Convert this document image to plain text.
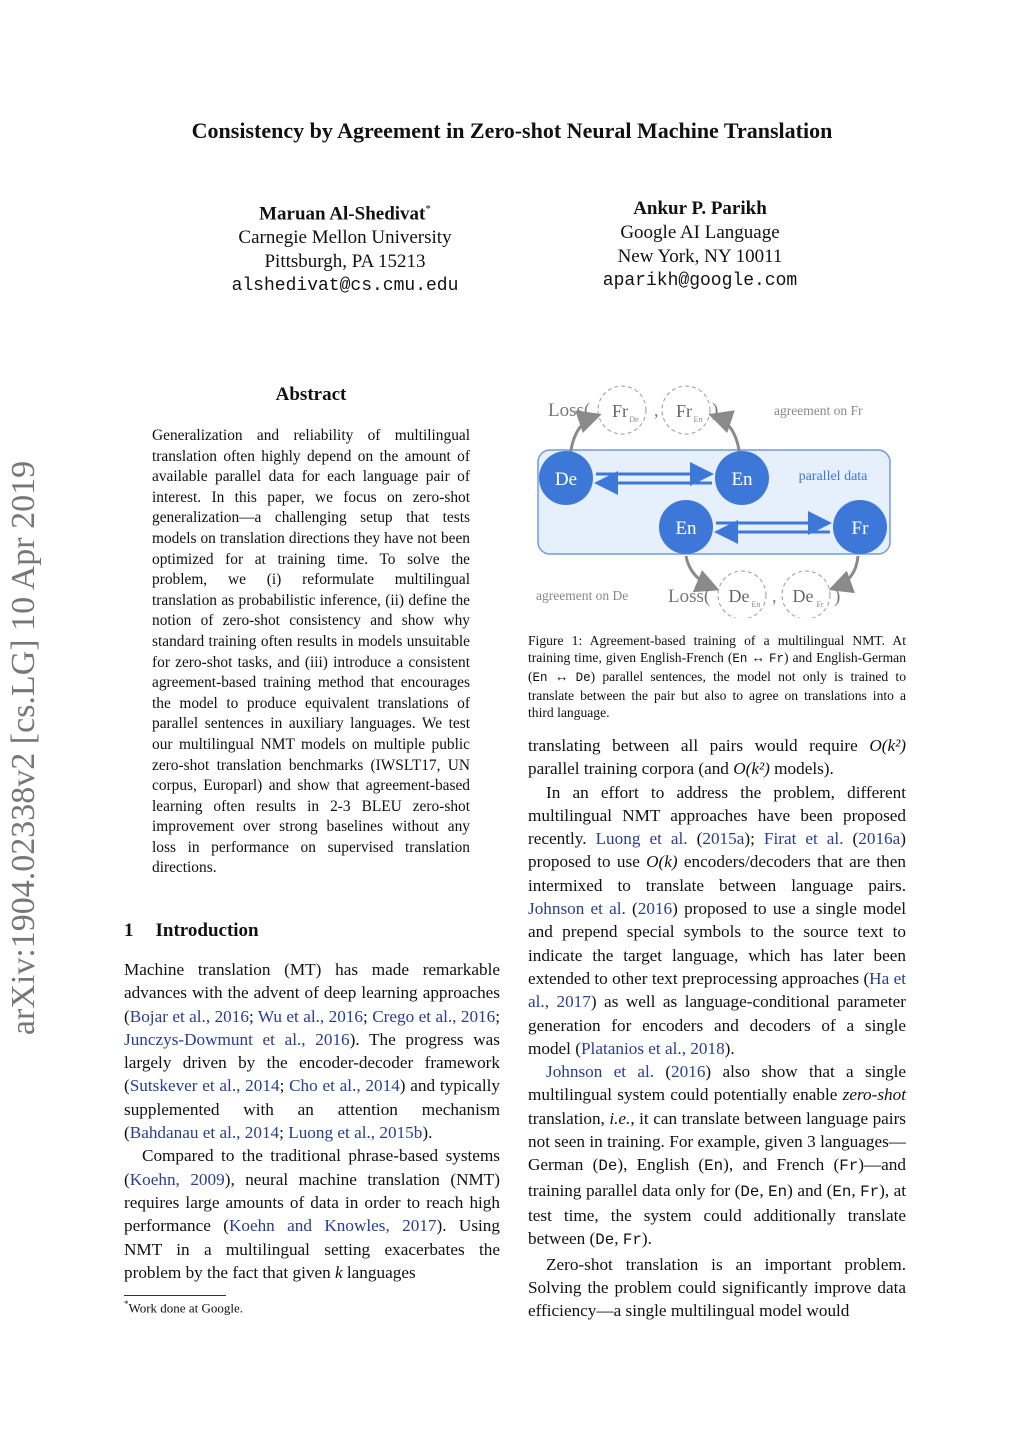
Consistency by Agreement in Zero-shot Neural Machine Translation
Maruan Al-Shedivat*
Carnegie Mellon University
Pittsburgh, PA 15213
alshedivat@cs.cmu.edu
Ankur P. Parikh
Google AI Language
New York, NY 10011
aparikh@google.com
arXiv:1904.02338v2 [cs.LG] 10 Apr 2019
Abstract
Generalization and reliability of multilingual translation often highly depend on the amount of available parallel data for each language pair of interest. In this paper, we focus on zero-shot generalization—a challenging setup that tests models on translation directions they have not been optimized for at training time. To solve the problem, we (i) reformulate multilingual translation as probabilistic inference, (ii) define the notion of zero-shot consistency and show why standard training often results in models unsuitable for zero-shot tasks, and (iii) introduce a consistent agreement-based training method that encourages the model to produce equivalent translations of parallel sentences in auxiliary languages. We test our multilingual NMT models on multiple public zero-shot translation benchmarks (IWSLT17, UN corpus, Europarl) and show that agreement-based learning often results in 2-3 BLEU zero-shot improvement over strong baselines without any loss in performance on supervised translation directions.
1 Introduction

Machine translation (MT) has made remarkable advances with the advent of deep learning approaches (Bojar et al., 2016; Wu et al., 2016; Crego et al., 2016; Junczys-Dowmunt et al., 2016). The progress was largely driven by the encoder-decoder framework (Sutskever et al., 2014; Cho et al., 2014) and typically supplemented with an attention mechanism (Bahdanau et al., 2014; Luong et al., 2015b).

Compared to the traditional phrase-based systems (Koehn, 2009), neural machine translation (NMT) requires large amounts of data in order to reach high performance (Koehn and Knowles, 2017). Using NMT in a multilingual setting exacerbates the problem by the fact that given k languages

*Work done at Google.
parallel data
Loss( Fr De , Fr En )	agreement on Fr
De	En
En	Fr
agreement on De Loss( De En , De Fr )
Figure 1: Agreement-based training of a multilingual NMT. At training time, given English-French (En ↔ Fr) and English-German (En ↔ De) parallel sentences, the model not only is trained to translate between the pair but also to agree on translations into a third language.

translating between all pairs would require O(k²) parallel training corpora (and O(k²) models).

In an effort to address the problem, different multilingual NMT approaches have been proposed recently. Luong et al. (2015a); Firat et al. (2016a) proposed to use O(k) encoders/decoders that are then intermixed to translate between language pairs. Johnson et al. (2016) proposed to use a single model and prepend special symbols to the source text to indicate the target language, which has later been extended to other text preprocessing approaches (Ha et al., 2017) as well as language-conditional parameter generation for encoders and decoders of a single model (Platanios et al., 2018).

Johnson et al. (2016) also show that a single multilingual system could potentially enable zero-shot translation, i.e., it can translate between language pairs not seen in training. For example, given 3 languages—German (De), English (En), and French (Fr)—and training parallel data only for (De, En) and (En, Fr), at test time, the system could additionally translate between (De, Fr).

Zero-shot translation is an important problem. Solving the problem could significantly improve data efficiency—a single multilingual model would
